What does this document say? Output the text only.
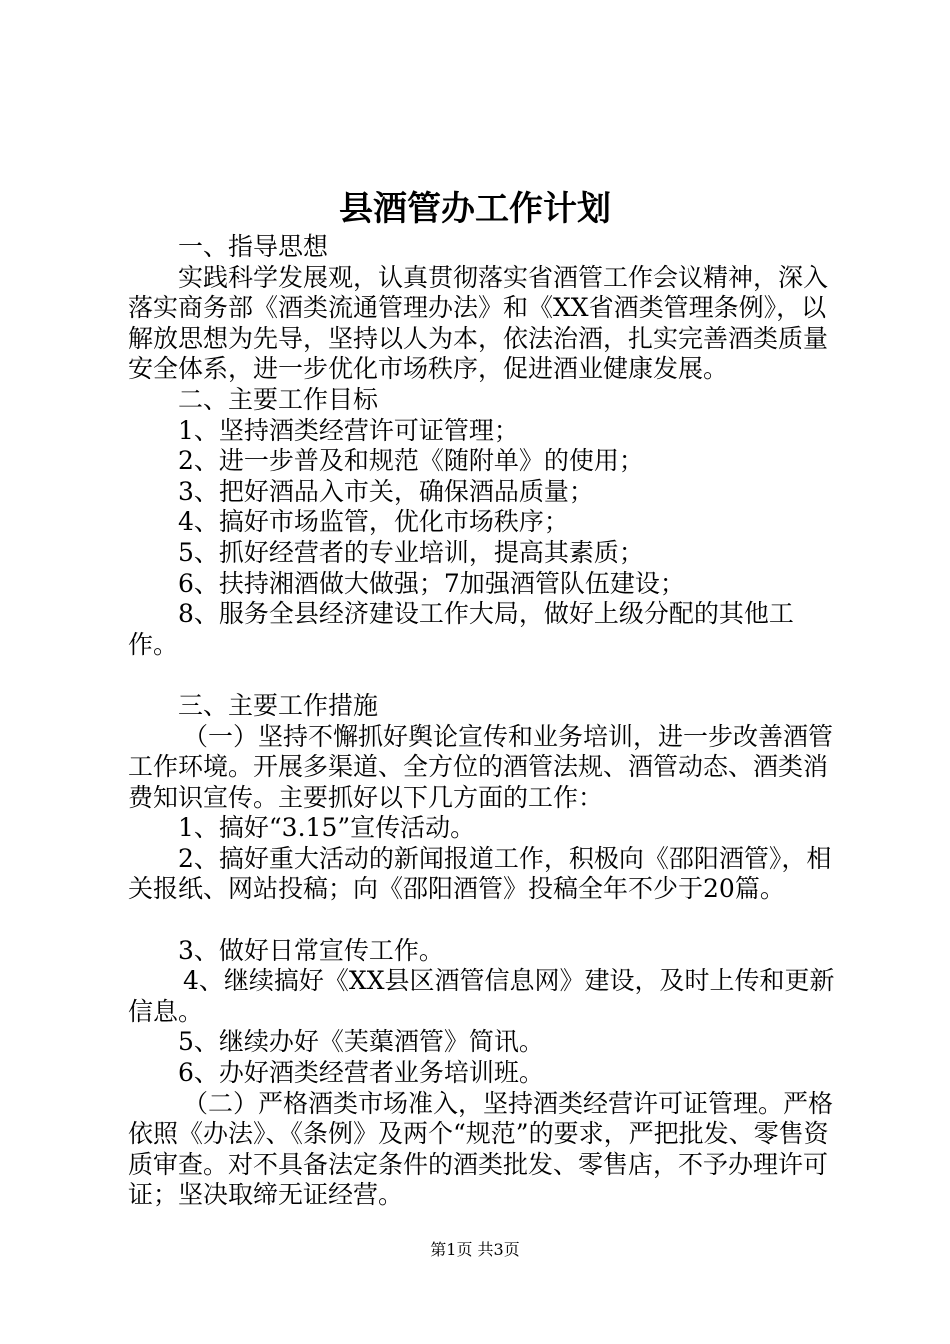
县酒管办工作计划

一、指导思想

实践科学发展观，认真贯彻落实省酒管工作会议精神，深入落实商务部《酒类流通管理办法》和《XX省酒类管理条例》，以解放思想为先导，坚持以人为本，依法治酒，扎实完善酒类质量安全体系，进一步优化市场秩序，促进酒业健康发展。

二、主要工作目标

1、坚持酒类经营许可证管理；

2、进一步普及和规范《随附单》的使用；

3、把好酒品入市关，确保酒品质量；

4、搞好市场监管，优化市场秩序；

5、抓好经营者的专业培训，提高其素质；

6、扶持湘酒做大做强；7加强酒管队伍建设；

8、服务全县经济建设工作大局，做好上级分配的其他工作。

三、主要工作措施

（一）坚持不懈抓好舆论宣传和业务培训，进一步改善酒管工作环境。开展多渠道、全方位的酒管法规、酒管动态、酒类消费知识宣传。主要抓好以下几方面的工作：

1、搞好“3.15”宣传活动。

2、搞好重大活动的新闻报道工作，积极向《邵阳酒管》，相关报纸、网站投稿；向《邵阳酒管》投稿全年不少于20篇。

3、做好日常宣传工作。

4、继续搞好《XX县区酒管信息网》建设，及时上传和更新信息。

5、继续办好《芙蕖酒管》简讯。

6、办好酒类经营者业务培训班。

（二）严格酒类市场准入，坚持酒类经营许可证管理。严格依照《办法》、《条例》及两个“规范”的要求，严把批发、零售资质审查。对不具备法定条件的酒类批发、零售店，不予办理许可证；坚决取缔无证经营。

第1页 共3页
